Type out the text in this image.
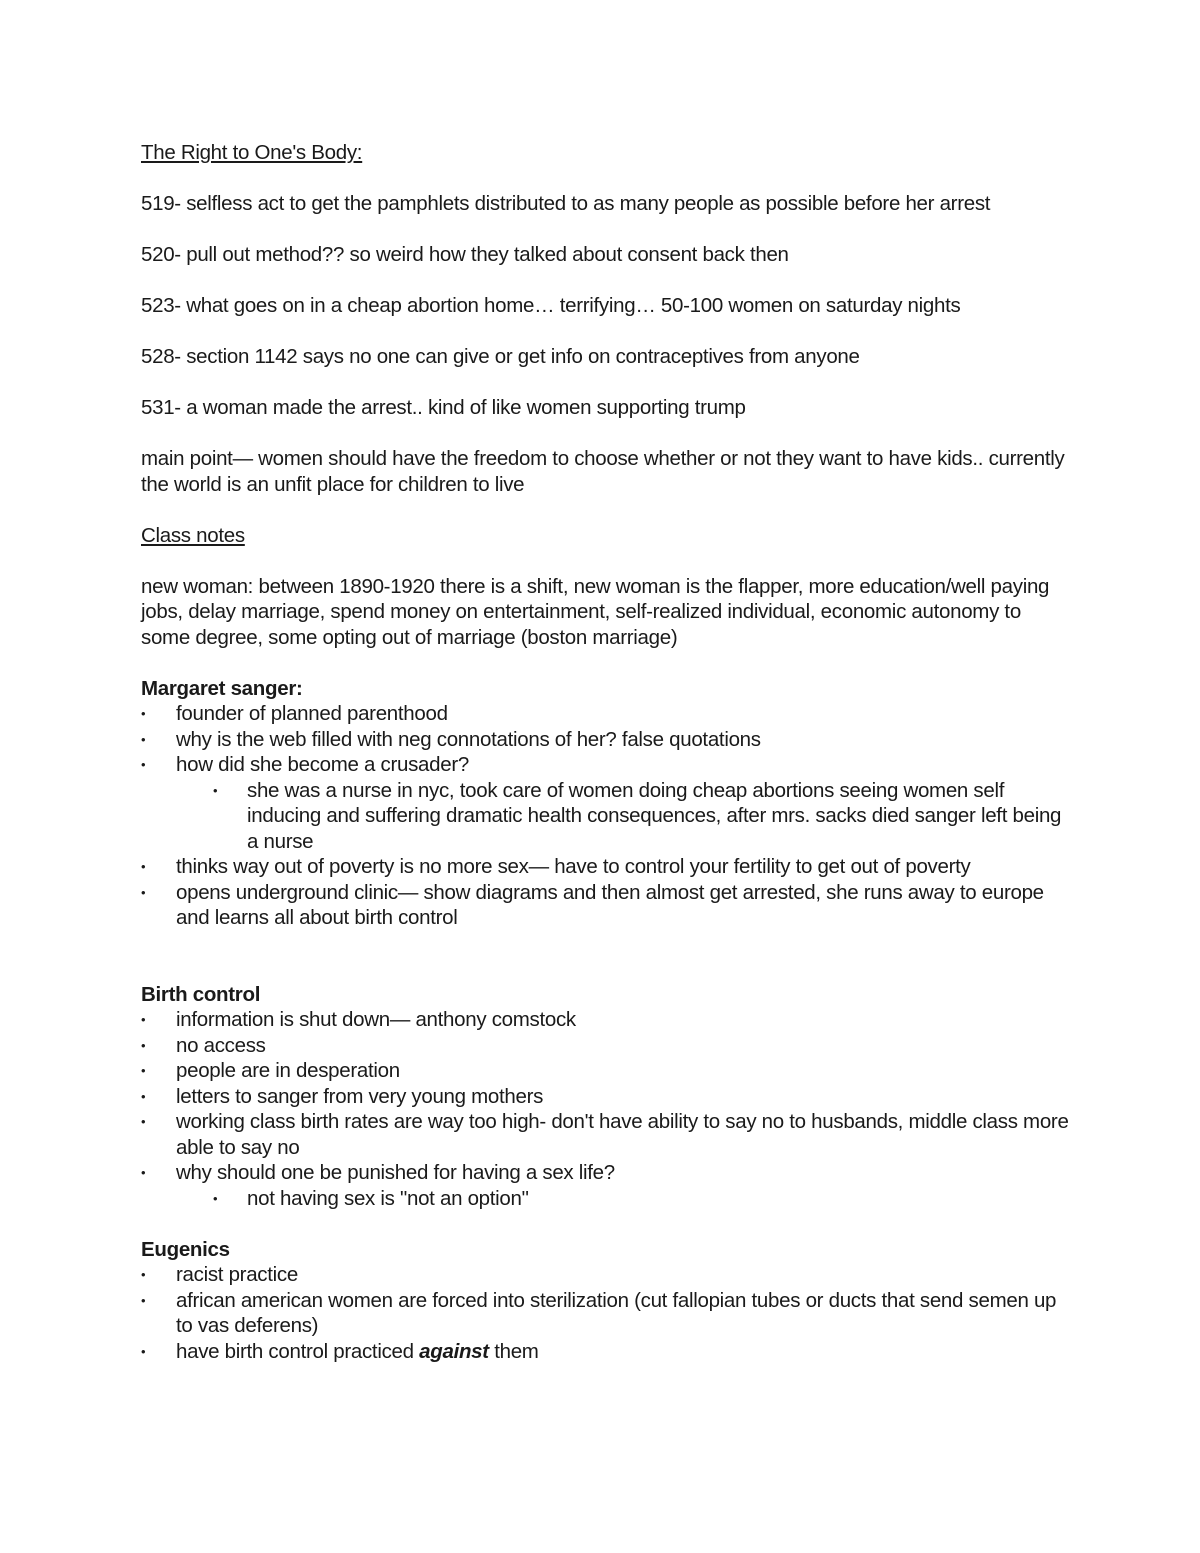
The Right to One's Body:

519- selfless act to get the pamphlets distributed to as many people as possible before her arrest

520- pull out method?? so weird how they talked about consent back then

523- what goes on in a cheap abortion home… terrifying… 50-100 women on saturday nights

528- section 1142 says no one can give or get info on contraceptives from anyone

531- a woman made the arrest.. kind of like women supporting trump

main point— women should have the freedom to choose whether or not they want to have kids.. currently the world is an unfit place for children to live

Class notes

new woman: between 1890-1920 there is a shift, new woman is the flapper, more education/well paying jobs, delay marriage, spend money on entertainment, self-realized individual, economic autonomy to some degree, some opting out of marriage (boston marriage)

Margaret sanger:

• founder of planned parenthood
• why is the web filled with neg connotations of her? false quotations
• how did she become a crusader?
• she was a nurse in nyc, took care of women doing cheap abortions seeing women self inducing and suffering dramatic health consequences, after mrs. sacks died sanger left being a nurse
• thinks way out of poverty is no more sex— have to control your fertility to get out of poverty
• opens underground clinic— show diagrams and then almost get arrested, she runs away to europe and learns all about birth control

Birth control

• information is shut down— anthony comstock
• no access
• people are in desperation
• letters to sanger from very young mothers
• working class birth rates are way too high- don't have ability to say no to husbands, middle class more able to say no
• why should one be punished for having a sex life?
• not having sex is "not an option"

Eugenics

• racist practice
• african american women are forced into sterilization (cut fallopian tubes or ducts that send semen up to vas deferens)
• have birth control practiced against them
